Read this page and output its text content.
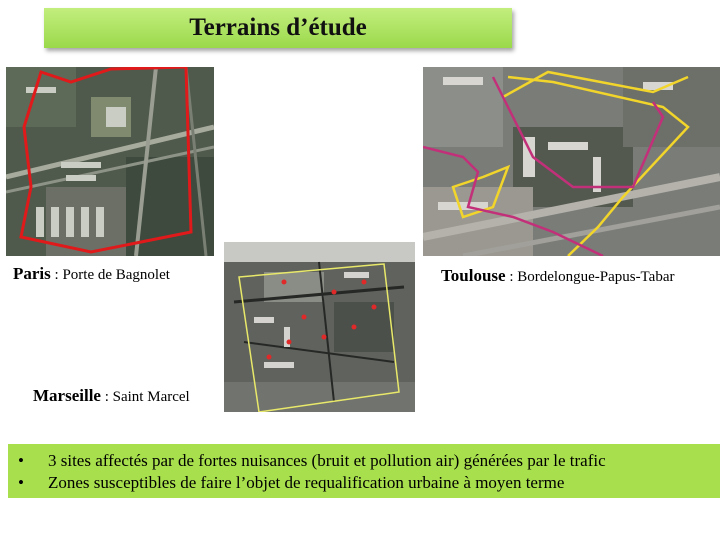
Terrains d’étude
Paris : Porte de Bagnolet	Toulouse : Bordelongue-Papus-Tabar
Marseille : Saint Marcel
• 3 sites affectés par de fortes nuisances (bruit et pollution air) générées par le trafic
• Zones susceptibles de faire l’objet de requalification urbaine à moyen terme
